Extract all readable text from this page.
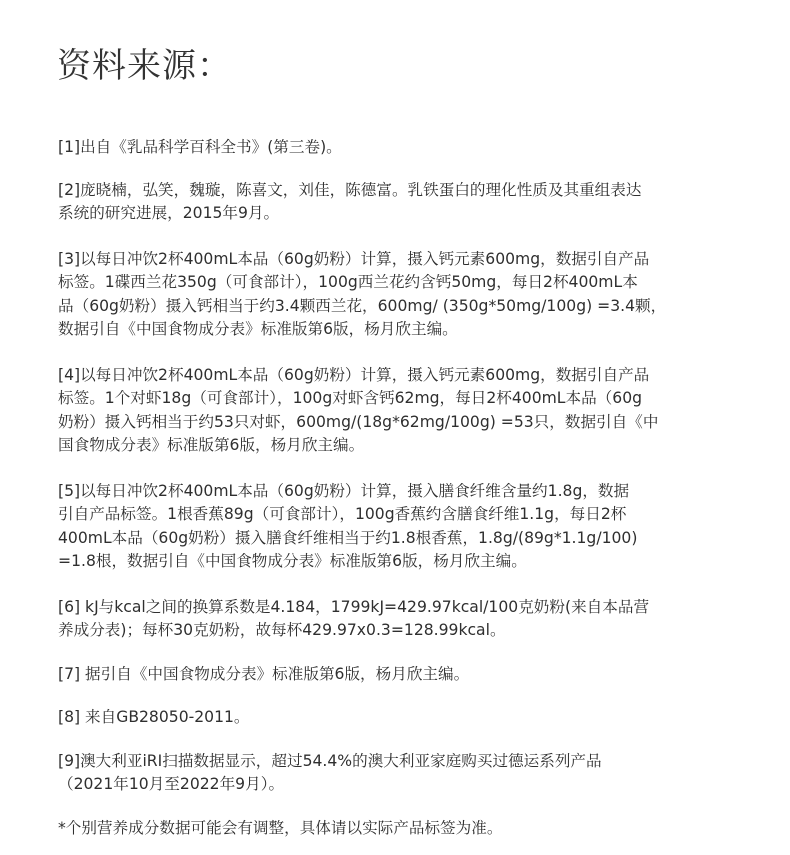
资料来源：

[1]出自《乳品科学百科全书》(第三卷)。

[2]庞晓楠，弘笑，魏璇，陈喜文，刘佳，陈德富。乳铁蛋白的理化性质及其重组表达
系统的研究进展，2015年9月。

[3]以每日冲饮2杯400mL本品（60g奶粉）计算，摄入钙元素600mg，数据引自产品
标签。1碟西兰花350g（可食部计），100g西兰花约含钙50mg，每日2杯400mL本
品（60g奶粉）摄入钙相当于约3.4颗西兰花，600mg/ (350g*50mg/100g) =3.4颗，
数据引自《中国食物成分表》标准版第6版，杨月欣主编。

[4]以每日冲饮2杯400mL本品（60g奶粉）计算，摄入钙元素600mg，数据引自产品
标签。1个对虾18g（可食部计），100g对虾含钙62mg，每日2杯400mL本品（60g
奶粉）摄入钙相当于约53只对虾，600mg/(18g*62mg/100g) =53只，数据引自《中
国食物成分表》标准版第6版，杨月欣主编。

[5]以每日冲饮2杯400mL本品（60g奶粉）计算，摄入膳食纤维含量约1.8g，数据
引自产品标签。1根香蕉89g（可食部计），100g香蕉约含膳食纤维1.1g，每日2杯
400mL本品（60g奶粉）摄入膳食纤维相当于约1.8根香蕉，1.8g/(89g*1.1g/100)
=1.8根，数据引自《中国食物成分表》标准版第6版，杨月欣主编。

[6] kJ与kcal之间的换算系数是4.184，1799kJ=429.97kcal/100克奶粉(来自本品营
养成分表)；每杯30克奶粉，故每杯429.97x0.3=128.99kcal。

[7] 据引自《中国食物成分表》标准版第6版，杨月欣主编。

[8] 来自GB28050-2011。

[9]澳大利亚iRI扫描数据显示，超过54.4%的澳大利亚家庭购买过德运系列产品
（2021年10月至2022年9月）。

*个别营养成分数据可能会有调整，具体请以实际产品标签为准。
